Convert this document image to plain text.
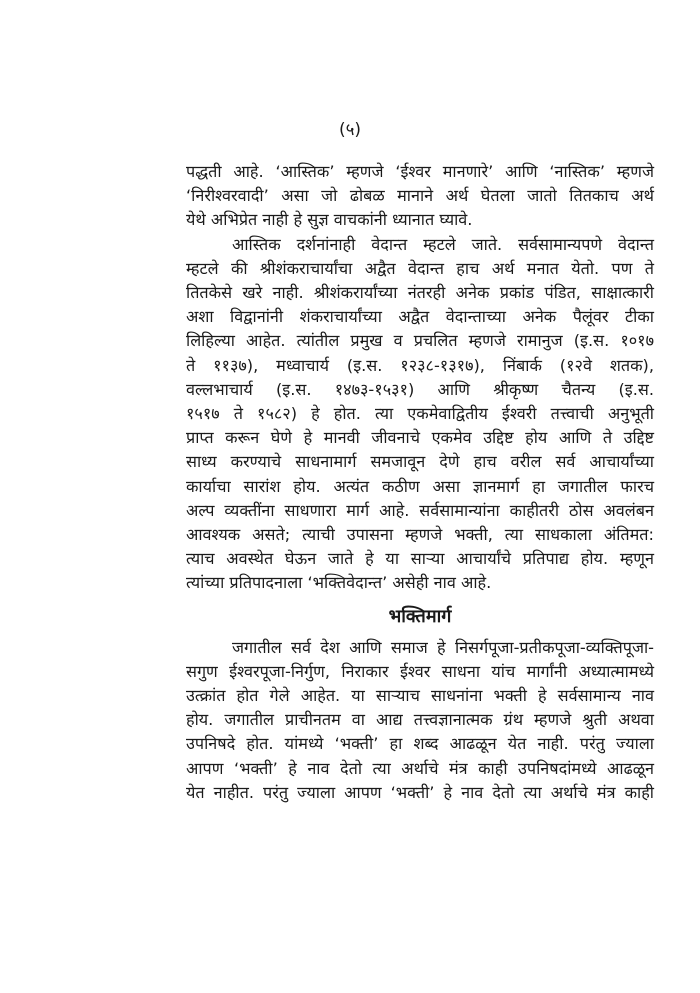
(५)
पद्धती आहे. ‘आस्तिक’ म्हणजे ‘ईश्वर मानणारे’ आणि ‘नास्तिक’ म्हणजे
‘निरीश्वरवादी’ असा जो ढोबळ मानाने अर्थ घेतला जातो तितकाच अर्थ
येथे अभिप्रेत नाही हे सुज्ञ वाचकांनी ध्यानात घ्यावे.
आस्तिक दर्शनांनाही वेदान्त म्हटले जाते. सर्वसामान्यपणे वेदान्त
म्हटले की श्रीशंकराचार्यांचा अद्वैत वेदान्त हाच अर्थ मनात येतो. पण ते
तितकेसे खरे नाही. श्रीशंकरार्यांच्या नंतरही अनेक प्रकांड पंडित, साक्षात्कारी
अशा विद्वानांनी शंकराचार्यांच्या अद्वैत वेदान्ताच्या अनेक पैलूंवर टीका
लिहिल्या आहेत. त्यांतील प्रमुख व प्रचलित म्हणजे रामानुज (इ.स. १०१७
ते ११३७), मध्वाचार्य (इ.स. १२३८-१३१७), निंबार्क (१२वे शतक),
वल्लभाचार्य (इ.स. १४७३-१५३१) आणि श्रीकृष्ण चैतन्य (इ.स.
१५१७ ते १५८२) हे होत. त्या एकमेवाद्वितीय ईश्वरी तत्त्वाची अनुभूती
प्राप्त करून घेणे हे मानवी जीवनाचे एकमेव उद्दिष्ट होय आणि ते उद्दिष्ट
साध्य करण्याचे साधनामार्ग समजावून देणे हाच वरील सर्व आचार्यांच्या
कार्याचा सारांश होय. अत्यंत कठीण असा ज्ञानमार्ग हा जगातील फारच
अल्प व्यक्तींना साधणारा मार्ग आहे. सर्वसामान्यांना काहीतरी ठोस अवलंबन
आवश्यक असते; त्याची उपासना म्हणजे भक्ती, त्या साधकाला अंतिमत:
त्याच अवस्थेत घेऊन जाते हे या साऱ्या आचार्यांचे प्रतिपाद्य होय. म्हणून
त्यांच्या प्रतिपादनाला ‘भक्तिवेदान्त’ असेही नाव आहे.
भक्तिमार्ग
जगातील सर्व देश आणि समाज हे निसर्गपूजा-प्रतीकपूजा-व्यक्तिपूजा-
सगुण ईश्वरपूजा-निर्गुण, निराकार ईश्वर साधना यांच मार्गांनी अध्यात्मामध्ये
उत्क्रांत होत गेले आहेत. या साऱ्याच साधनांना भक्ती हे सर्वसामान्य नाव
होय. जगातील प्राचीनतम वा आद्य तत्त्वज्ञानात्मक ग्रंथ म्हणजे श्रुती अथवा
उपनिषदे होत. यांमध्ये ‘भक्ती’ हा शब्द आढळून येत नाही. परंतु ज्याला
आपण ‘भक्ती’ हे नाव देतो त्या अर्थाचे मंत्र काही उपनिषदांमध्ये आढळून
येत नाहीत. परंतु ज्याला आपण ‘भक्ती’ हे नाव देतो त्या अर्थाचे मंत्र काही
